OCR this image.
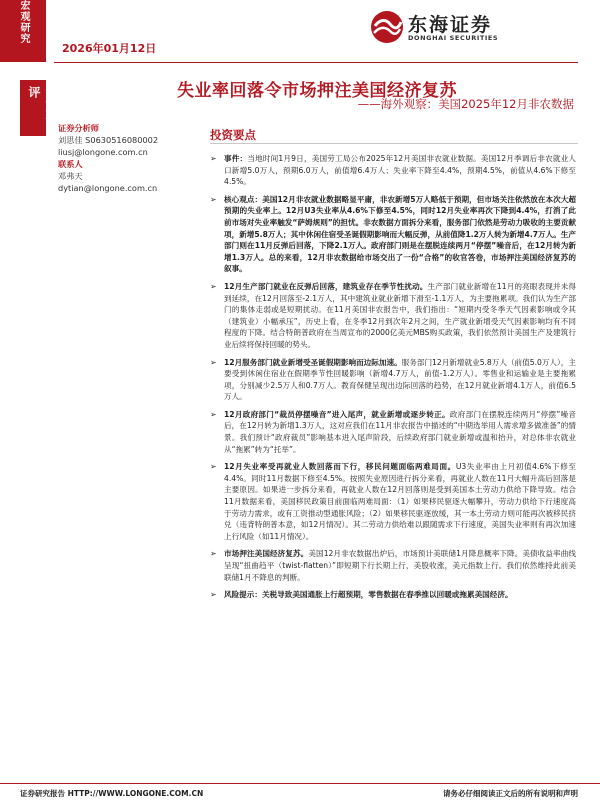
宏观研究
2026年01月12日
东海证券
DONGHAI SECURITIES
宏观简评	失业率回落令市场押注美国经济复苏
——海外观察：美国2025年12月非农数据
证券分析师
刘思佳 S0630516080002
liusj@longone.com.cn
联系人
邓弗天
dytian@longone.com.cn
投资要点
➢ 事件：当地时间1月9日，美国劳工局公布2025年12月美国非农就业数据。美国12月季调后非农就业人口新增5.0万人，预期6.0万人，前值增6.4万人；失业率下降至4.4%，预期4.5%，前值从4.6%下修至4.5%。
➢ 核心观点：美国12月非农就业数据略显平庸，非农新增5万人略低于预期，但市场关注依然放在本次大超预期的失业率上。12月U3失业率从4.6%下修至4.5%，同时12月失业率再次下降到4.4%，打消了此前市场对失业率触发“萨姆规则”的担忧。非农数据方面拆分来看，服务部门依然是劳动力吸收的主要贡献项，新增5.8万人；其中休闲住宿受圣诞假期影响而大幅反弹，从前值降1.2万人转为新增4.7万人。生产部门则在11月反弹后回落，下降2.1万人。政府部门则是在摆脱连续两月“停摆”噪音后，在12月转为新增1.3万人。总的来看，12月非农数据给市场交出了一份“合格”的收官答卷，市场押注美国经济复苏的叙事。
➢ 12月生产部门就业在反弹后回落，建筑业存在季节性扰动。生产部门就业新增在11月的亮眼表现并未得到延续，在12月回落至-2.1万人，其中建筑业就业新增下滑至-1.1万人，为主要拖累项。我们认为生产部门的集体走弱或是短期扰动。在11月美国非农报告中，我们指出：“短期内受冬季天气因素影响或令其（建筑业）小幅承压”，历史上看，在冬季12月到次年2月之间，生产就业新增受天气因素影响均有不同程度的下降。结合特朗普政府在当周宣布的2000亿美元MBS购买政策，我们依然预计美国生产及建筑行业后续将保持回暖的势头。
➢ 12月服务部门就业新增受圣诞假期影响而边际加速。服务部门12月新增就业5.8万人（前值5.0万人），主要受到休闲住宿业在假期季节性回暖影响（新增4.7万人，前值-1.2万人）。零售业和运输业是主要拖累项，分别减少2.5万人和0.7万人。教育保健呈现出边际回落的趋势，在12月就业新增4.1万人，前值6.5万人。
➢ 12月政府部门“裁员停摆噪音”进入尾声，就业新增或逐步转正。政府部门在摆脱连续两月“停摆”噪音后，在12月转为新增1.3万人，这对应我们在11月非农报告中描述的“中期选举用人需求增多做准备”的情景。我们预计“政府裁员”影响基本进入尾声阶段，后续政府部门就业新增或温和抬升，对总体非农就业从“拖累”转为“托举”。
➢ 12月失业率受再就业人数回落而下行，移民问题面临两难局面。U3失业率由上月初值4.6%下修至4.4%。同时11月数据下修至4.5%。按照失业原因进行拆分来看，再就业人数在11月大幅升高后回落是主要原因。如果进一步拆分来看，再就业人数在12月回落则是受到美国本土劳动力供给下降导致。结合11月数据来看，美国移民政策目前面临两难局面：（1）如果移民驱逐大幅攀升，劳动力供给下行速度高于劳动力需求，或有工资推动型通胀风险；（2）如果移民驱逐放缓，其一本土劳动力则可能再次被移民挤兑（违背特朗普本意，如12月情况）。其二劳动力供给难以跟随需求下行速度，美国失业率则有再次加速上行风险（如11月情况）。
➢ 市场押注美国经济复苏。美国12月非农数据出炉后，市场预计美联储1月降息概率下降。美债收益率曲线呈现“扭曲趋平（twist-flatten）”即短期下行长期上行，美股收涨，美元指数上行。我们依然维持此前美联储1月不降息的判断。
➢ 风险提示：关税导致美国通胀上行超预期，零售数据在春季推以回暖或拖累美国经济。
证券研究报告 HTTP://WWW.LONGONE.COM.CN	请务必仔细阅读正文后的所有说明和声明
